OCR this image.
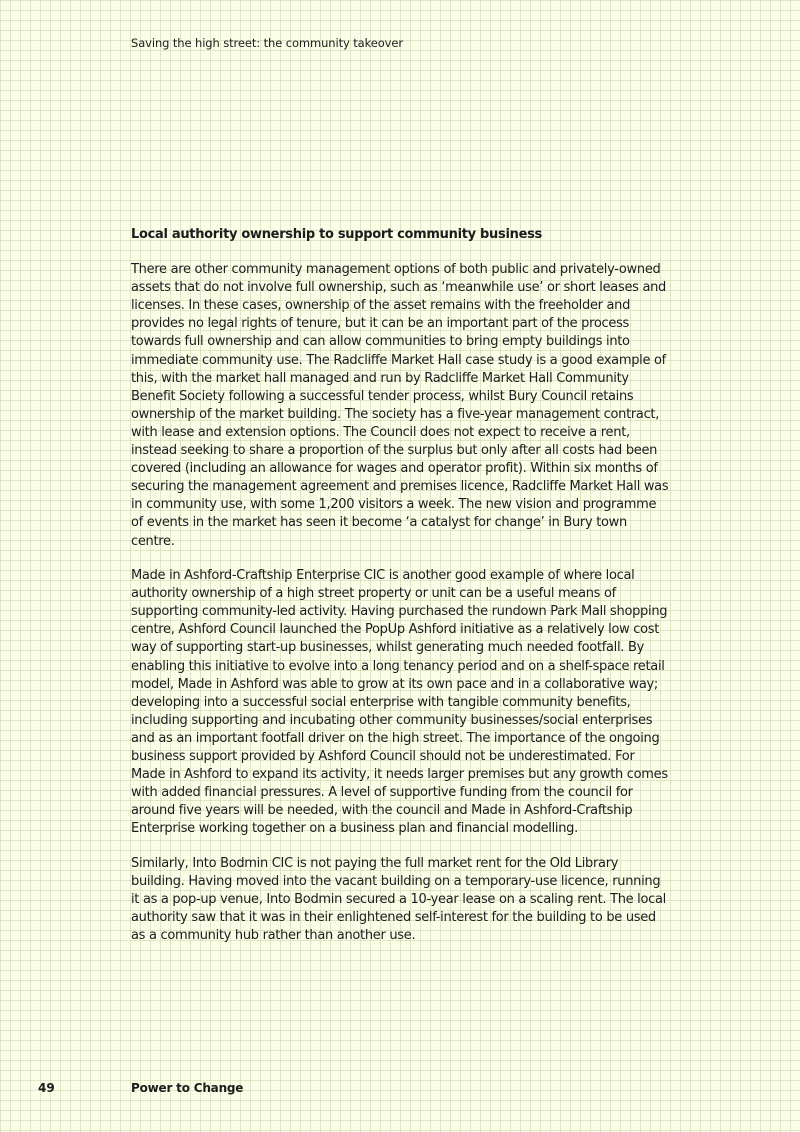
Saving the high street: the community takeover
Local authority ownership to support community business

There are other community management options of both public and privately-owned assets that do not involve full ownership, such as ‘meanwhile use’ or short leases and licenses. In these cases, ownership of the asset remains with the freeholder and provides no legal rights of tenure, but it can be an important part of the process towards full ownership and can allow communities to bring empty buildings into immediate community use. The Radcliffe Market Hall case study is a good example of this, with the market hall managed and run by Radcliffe Market Hall Community Benefit Society following a successful tender process, whilst Bury Council retains ownership of the market building. The society has a five-year management contract, with lease and extension options. The Council does not expect to receive a rent, instead seeking to share a proportion of the surplus but only after all costs had been covered (including an allowance for wages and operator profit). Within six months of securing the management agreement and premises licence, Radcliffe Market Hall was in community use, with some 1,200 visitors a week. The new vision and programme of events in the market has seen it become ‘a catalyst for change’ in Bury town centre.

Made in Ashford-Craftship Enterprise CIC is another good example of where local authority ownership of a high street property or unit can be a useful means of supporting community-led activity. Having purchased the rundown Park Mall shopping centre, Ashford Council launched the PopUp Ashford initiative as a relatively low cost way of supporting start-up businesses, whilst generating much needed footfall. By enabling this initiative to evolve into a long tenancy period and on a shelf-space retail model, Made in Ashford was able to grow at its own pace and in a collaborative way; developing into a successful social enterprise with tangible community benefits, including supporting and incubating other community businesses/social enterprises and as an important footfall driver on the high street. The importance of the ongoing business support provided by Ashford Council should not be underestimated. For Made in Ashford to expand its activity, it needs larger premises but any growth comes with added financial pressures. A level of supportive funding from the council for around five years will be needed, with the council and Made in Ashford-Craftship Enterprise working together on a business plan and financial modelling.

Similarly, Into Bodmin CIC is not paying the full market rent for the Old Library building. Having moved into the vacant building on a temporary-use licence, running it as a pop-up venue, Into Bodmin secured a 10-year lease on a scaling rent. The local authority saw that it was in their enlightened self-interest for the building to be used as a community hub rather than another use.

49	Power to Change
